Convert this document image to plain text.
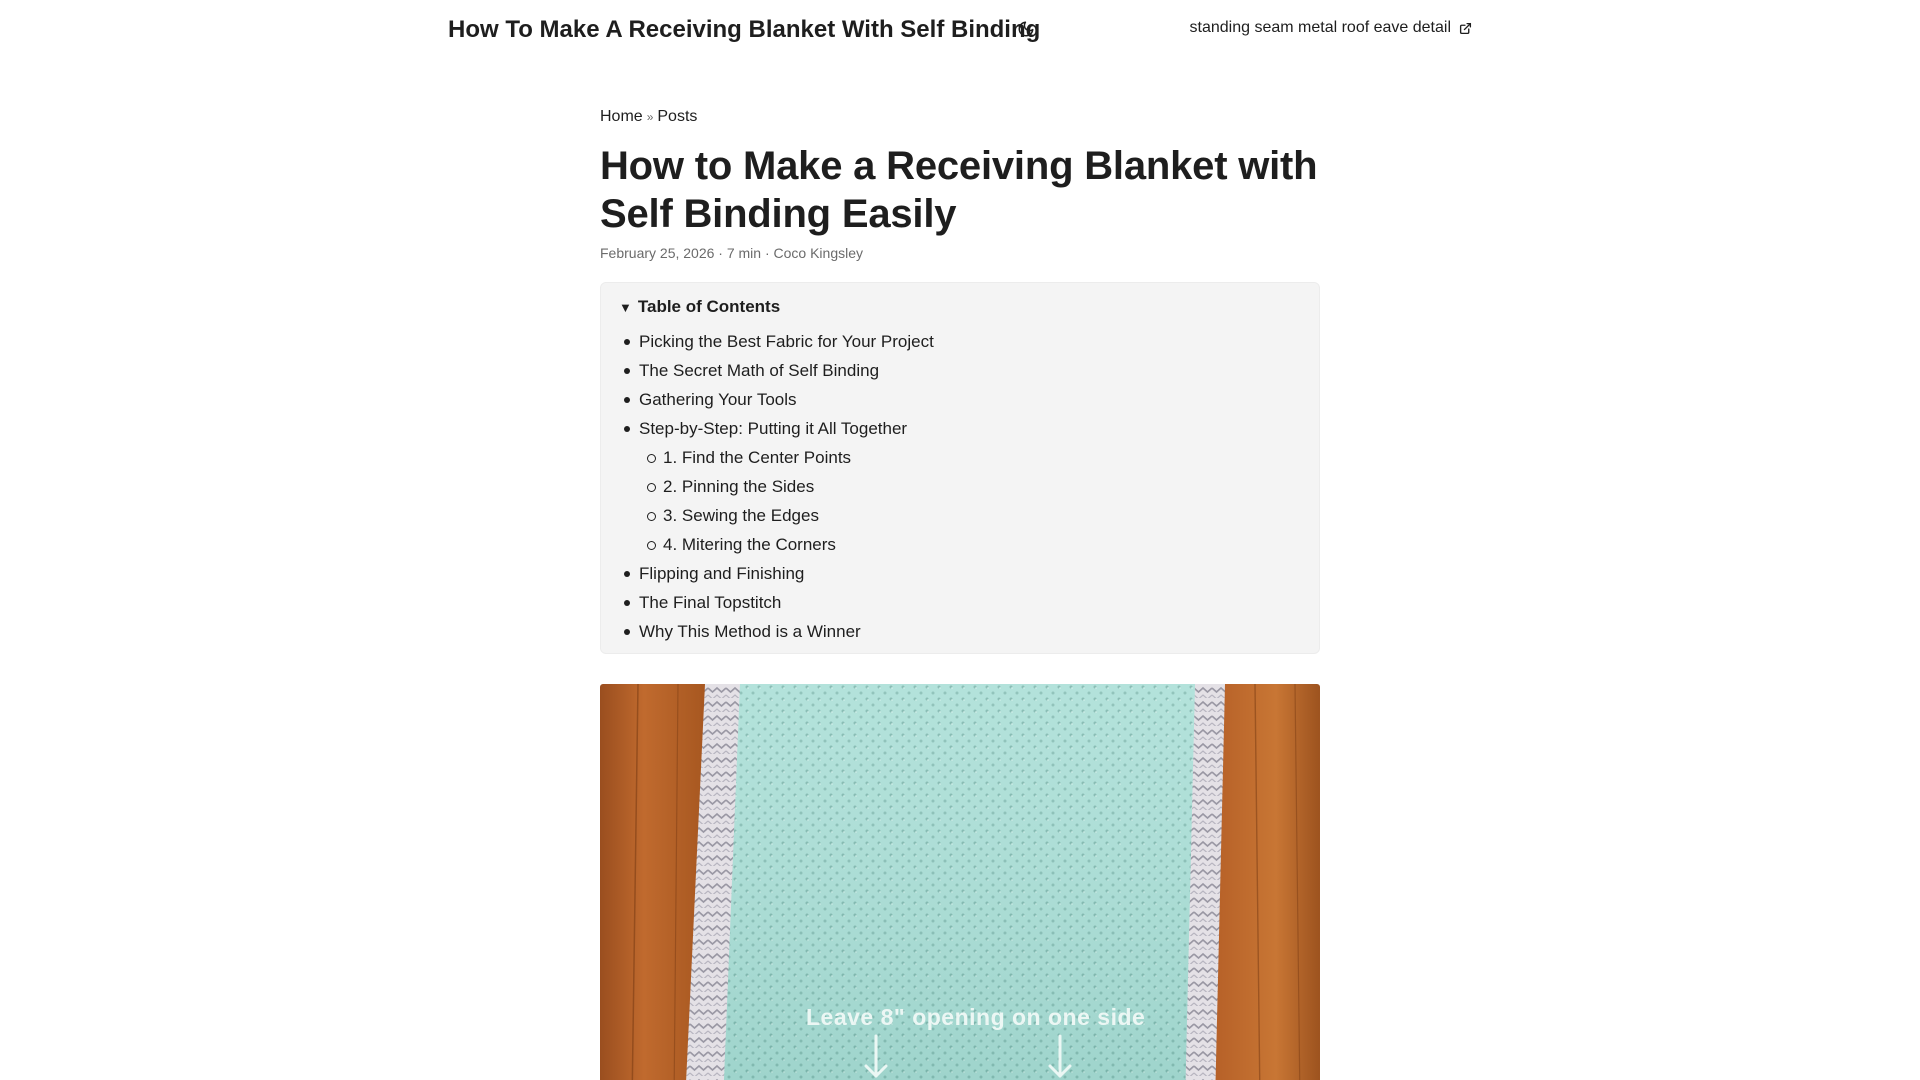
How To Make A Receiving Blanket With Self Binding	standing seam metal roof eave detail
Home » Posts
How to Make a Receiving Blanket with Self Binding Easily
February 25, 2026 · 7 min · Coco Kingsley
▼ Table of Contents
Picking the Best Fabric for Your Project
The Secret Math of Self Binding
Gathering Your Tools
Step-by-Step: Putting it All Together
1. Find the Center Points
2. Pinning the Sides
3. Sewing the Edges
4. Mitering the Corners
Flipping and Finishing
The Final Topstitch
Why This Method is a Winner
Leave 8" opening on one side
